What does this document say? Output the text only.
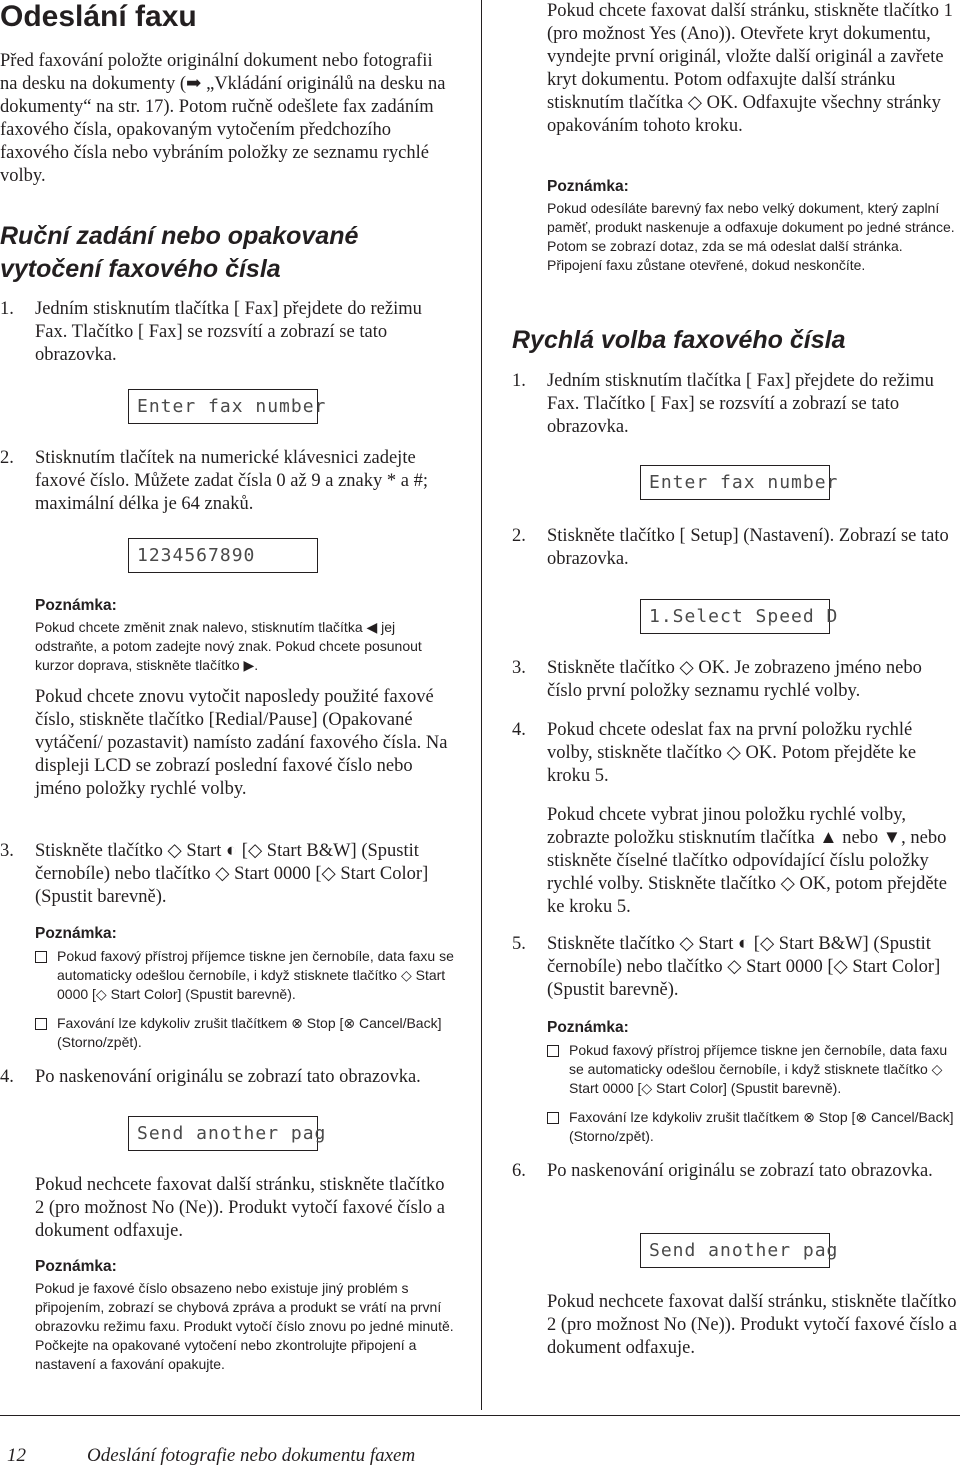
Odeslání faxu

Před faxování položte originální dokument nebo fotografii na desku na dokumenty (➡ „Vkládání originálů na desku na dokumenty“ na str. 17). Potom ručně odešlete fax zadáním faxového čísla, opakovaným vytočením předchozího faxového čísla nebo vybráním položky ze seznamu rychlé volby.

Ruční zadání nebo opakované vytočení faxového čísla
1.	Jedním stisknutím tlačítka [ Fax] přejdete do režimu Fax. Tlačítko [ Fax] se rozsvítí a zobrazí se tato obrazovka.
Enter fax number
2.	Stisknutím tlačítek na numerické klávesnici zadejte faxové číslo. Můžete zadat čísla 0 až 9 a znaky * a #; maximální délka je 64 znaků.
1234567890

Poznámka:

Pokud chcete změnit znak nalevo, stisknutím tlačítka ◀ jej odstraňte, a potom zadejte nový znak. Pokud chcete posunout kurzor doprava, stiskněte tlačítko ▶.

Pokud chcete znovu vytočit naposledy použité faxové číslo, stiskněte tlačítko [Redial/Pause] (Opakované vytáčení/ pozastavit) namísto zadání faxového čísla. Na displeji LCD se zobrazí poslední faxové číslo nebo jméno položky rychlé volby.

3.	Stiskněte tlačítko ◇ Start ◐ [◇ Start B&W] (Spustit černobíle) nebo tlačítko ◇ Start 0000 [◇ Start Color] (Spustit barevně).

Poznámka:

Pokud faxový přístroj příjemce tiskne jen černobíle, data faxu se automaticky odešlou černobíle, i když stisknete tlačítko ◇ Start 0000 [◇ Start Color] (Spustit barevně).
Faxování lze kdykoliv zrušit tlačítkem ⊗ Stop [⊗ Cancel/Back] (Storno/zpět).
4.	Po naskenování originálu se zobrazí tato obrazovka.
Send another pag

Pokud nechcete faxovat další stránku, stiskněte tlačítko 2 (pro možnost No (Ne)). Produkt vytočí faxové číslo a dokument odfaxuje.

Poznámka:

Pokud je faxové číslo obsazeno nebo existuje jiný problém s připojením, zobrazí se chybová zpráva a produkt se vrátí na první obrazovku režimu faxu. Produkt vytočí číslo znovu po jedné minutě. Počkejte na opakované vytočení nebo zkontrolujte připojení a nastavení a faxování opakujte.

Pokud chcete faxovat další stránku, stiskněte tlačítko 1 (pro možnost Yes (Ano)). Otevřete kryt dokumentu, vyndejte první originál, vložte další originál a zavřete kryt dokumentu. Potom odfaxujte další stránku stisknutím tlačítka ◇ OK. Odfaxujte všechny stránky opakováním tohoto kroku.

Poznámka:

Pokud odesíláte barevný fax nebo velký dokument, který zaplní paměť, produkt naskenuje a odfaxuje dokument po jedné stránce. Potom se zobrazí dotaz, zda se má odeslat další stránka. Připojení faxu zůstane otevřené, dokud neskončíte.

Rychlá volba faxového čísla
1.	Jedním stisknutím tlačítka [ Fax] přejdete do režimu Fax. Tlačítko [ Fax] se rozsvítí a zobrazí se tato obrazovka.
Enter fax number
2.	Stiskněte tlačítko [ Setup] (Nastavení). Zobrazí se tato obrazovka.
1.Select Speed D
3.	Stiskněte tlačítko ◇ OK. Je zobrazeno jméno nebo číslo první položky seznamu rychlé volby.
4.	Pokud chcete odeslat fax na první položku rychlé volby, stiskněte tlačítko ◇ OK. Potom přejděte ke kroku 5.

Pokud chcete vybrat jinou položku rychlé volby, zobrazte položku stisknutím tlačítka ▲ nebo ▼, nebo stiskněte číselné tlačítko odpovídající číslu položky rychlé volby. Stiskněte tlačítko ◇ OK, potom přejděte ke kroku 5.

5.	Stiskněte tlačítko ◇ Start ◐ [◇ Start B&W] (Spustit černobíle) nebo tlačítko ◇ Start 0000 [◇ Start Color] (Spustit barevně).

Poznámka:

Pokud faxový přístroj příjemce tiskne jen černobíle, data faxu se automaticky odešlou černobíle, i když stisknete tlačítko ◇ Start 0000 [◇ Start Color] (Spustit barevně).
Faxování lze kdykoliv zrušit tlačítkem ⊗ Stop [⊗ Cancel/Back] (Storno/zpět).
6.	Po naskenování originálu se zobrazí tato obrazovka.
Send another pag

Pokud nechcete faxovat další stránku, stiskněte tlačítko 2 (pro možnost No (Ne)). Produkt vytočí faxové číslo a dokument odfaxuje.

12	Odeslání fotografie nebo dokumentu faxem
